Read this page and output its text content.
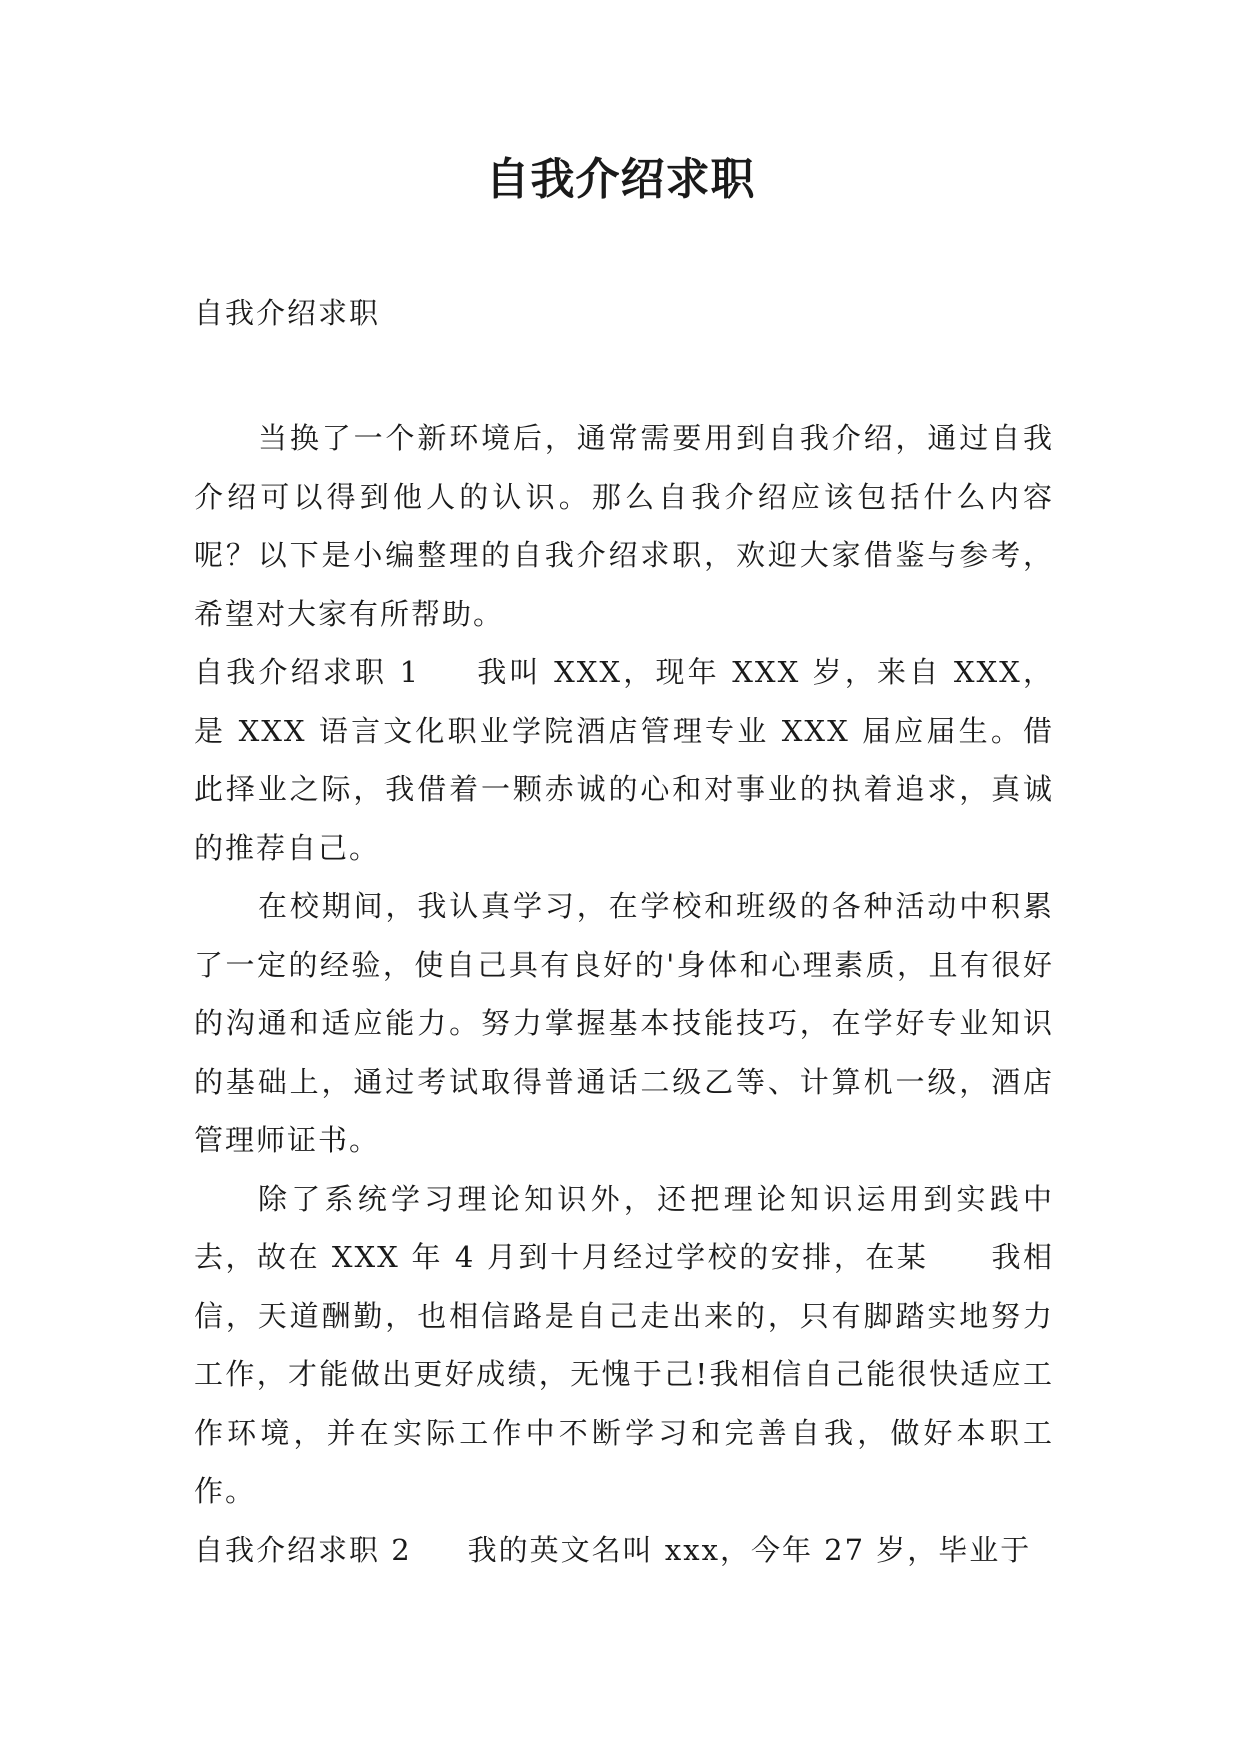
自我介绍求职
自我介绍求职

当换了一个新环境后，通常需要用到自我介绍，通过自我介绍可以得到他人的认识。那么自我介绍应该包括什么内容呢？以下是小编整理的自我介绍求职，欢迎大家借鉴与参考，希望对大家有所帮助。

自我介绍求职 1 我叫 XXX，现年 XXX 岁，来自 XXX，是 XXX 语言文化职业学院酒店管理专业 XXX 届应届生。借此择业之际，我借着一颗赤诚的心和对事业的执着追求，真诚的推荐自己。

在校期间，我认真学习，在学校和班级的各种活动中积累了一定的经验，使自己具有良好的'身体和心理素质，且有很好的沟通和适应能力。努力掌握基本技能技巧，在学好专业知识的基础上，通过考试取得普通话二级乙等、计算机一级，酒店管理师证书。

除了系统学习理论知识外，还把理论知识运用到实践中去，故在 XXX 年 4 月到十月经过学校的安排，在某　　我相信，天道酬勤，也相信路是自己走出来的，只有脚踏实地努力工作，才能做出更好成绩，无愧于己!我相信自己能很快适应工作环境，并在实际工作中不断学习和完善自我，做好本职工作。

自我介绍求职 2 我的英文名叫 xxx，今年 27 岁，毕业于
